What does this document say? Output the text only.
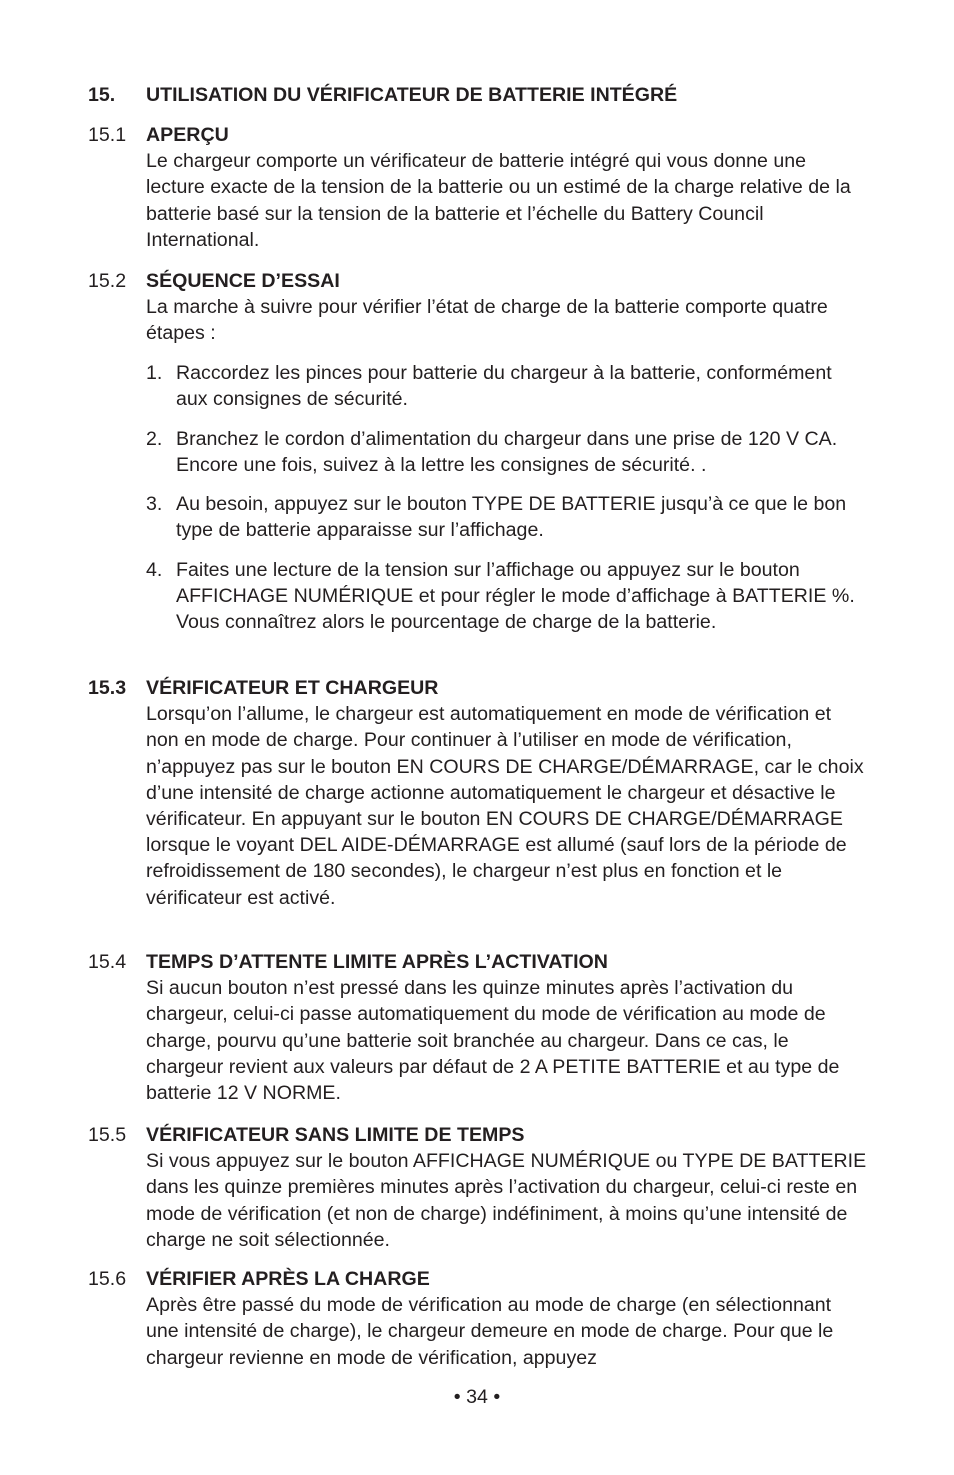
15. UTILISATION DU VÉRIFICATEUR DE BATTERIE INTÉGRÉ
15.1 APERÇU
Le chargeur comporte un vérificateur de batterie intégré qui vous donne une lecture exacte de la tension de la batterie ou un estimé de la charge relative de la batterie basé sur la tension de la batterie et l’échelle du Battery Council International.
15.2 SÉQUENCE D’ESSAI
La marche à suivre pour vérifier l’état de charge de la batterie comporte quatre étapes :
1. Raccordez les pinces pour batterie du chargeur à la batterie, conformément aux consignes de sécurité.
2. Branchez le cordon d’alimentation du chargeur dans une prise de 120 V CA. Encore une fois, suivez à la lettre les consignes de sécurité. .
3. Au besoin, appuyez sur le bouton TYPE DE BATTERIE jusqu’à ce que le bon type de batterie apparaisse sur l’affichage.
4. Faites une lecture de la tension sur l’affichage ou appuyez sur le bouton AFFICHAGE NUMÉRIQUE et pour régler le mode d’affichage à BATTERIE %. Vous connaîtrez alors le pourcentage de charge de la batterie.
15.3 VÉRIFICATEUR ET CHARGEUR
Lorsqu’on l’allume, le chargeur est automatiquement en mode de vérification et non en mode de charge. Pour continuer à l’utiliser en mode de vérification, n’appuyez pas sur le bouton EN COURS DE CHARGE/DÉMARRAGE, car le choix d’une intensité de charge actionne automatiquement le chargeur et désactive le vérificateur. En appuyant sur le bouton EN COURS DE CHARGE/DÉMARRAGE lorsque le voyant DEL AIDE-DÉMARRAGE est allumé (sauf lors de la période de refroidissement de 180 secondes), le chargeur n’est plus en fonction et le vérificateur est activé.
15.4 TEMPS D’ATTENTE LIMITE APRÈS L’ACTIVATION
Si aucun bouton n’est pressé dans les quinze minutes après l’activation du chargeur, celui-ci passe automatiquement du mode de vérification au mode de charge, pourvu qu’une batterie soit branchée au chargeur. Dans ce cas, le chargeur revient aux valeurs par défaut de 2 A PETITE BATTERIE et au type de batterie 12 V NORME.
15.5 VÉRIFICATEUR SANS LIMITE DE TEMPS
Si vous appuyez sur le bouton AFFICHAGE NUMÉRIQUE ou TYPE DE BATTERIE dans les quinze premières minutes après l’activation du chargeur, celui-ci reste en mode de vérification (et non de charge) indéfiniment, à moins qu’une intensité de charge ne soit sélectionnée.
15.6 VÉRIFIER APRÈS LA CHARGE
Après être passé du mode de vérification au mode de charge (en sélectionnant une intensité de charge), le chargeur demeure en mode de charge. Pour que le chargeur revienne en mode de vérification, appuyez
• 34 •
